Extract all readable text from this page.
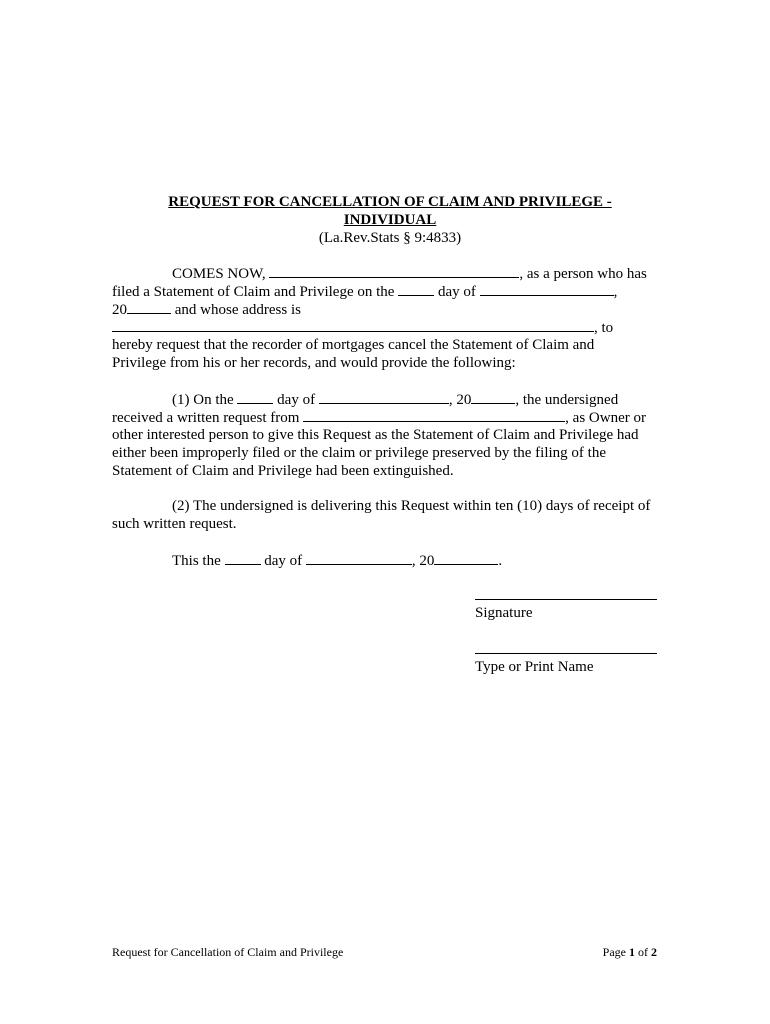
REQUEST FOR CANCELLATION OF CLAIM AND PRIVILEGE -
INDIVIDUAL
(La.Rev.Stats § 9:4833)
COMES NOW,	, as a person who has
filed a Statement of Claim and Privilege on the	day of	,
20	and whose address is
, to
hereby request that the recorder of mortgages cancel the Statement of Claim and
Privilege from his or her records, and would provide the following:
(1) On the	day of	, 20	, the undersigned
received a written request from	, as Owner or
other interested person to give this Request as the Statement of Claim and Privilege had
either been improperly filed or the claim or privilege preserved by the filing of the
Statement of Claim and Privilege had been extinguished.
(2) The undersigned is delivering this Request within ten (10) days of receipt of
such written request.
This the	day of	, 20	.
Signature
Type or Print Name
Request for Cancellation of Claim and Privilege	Page 1 of 2
